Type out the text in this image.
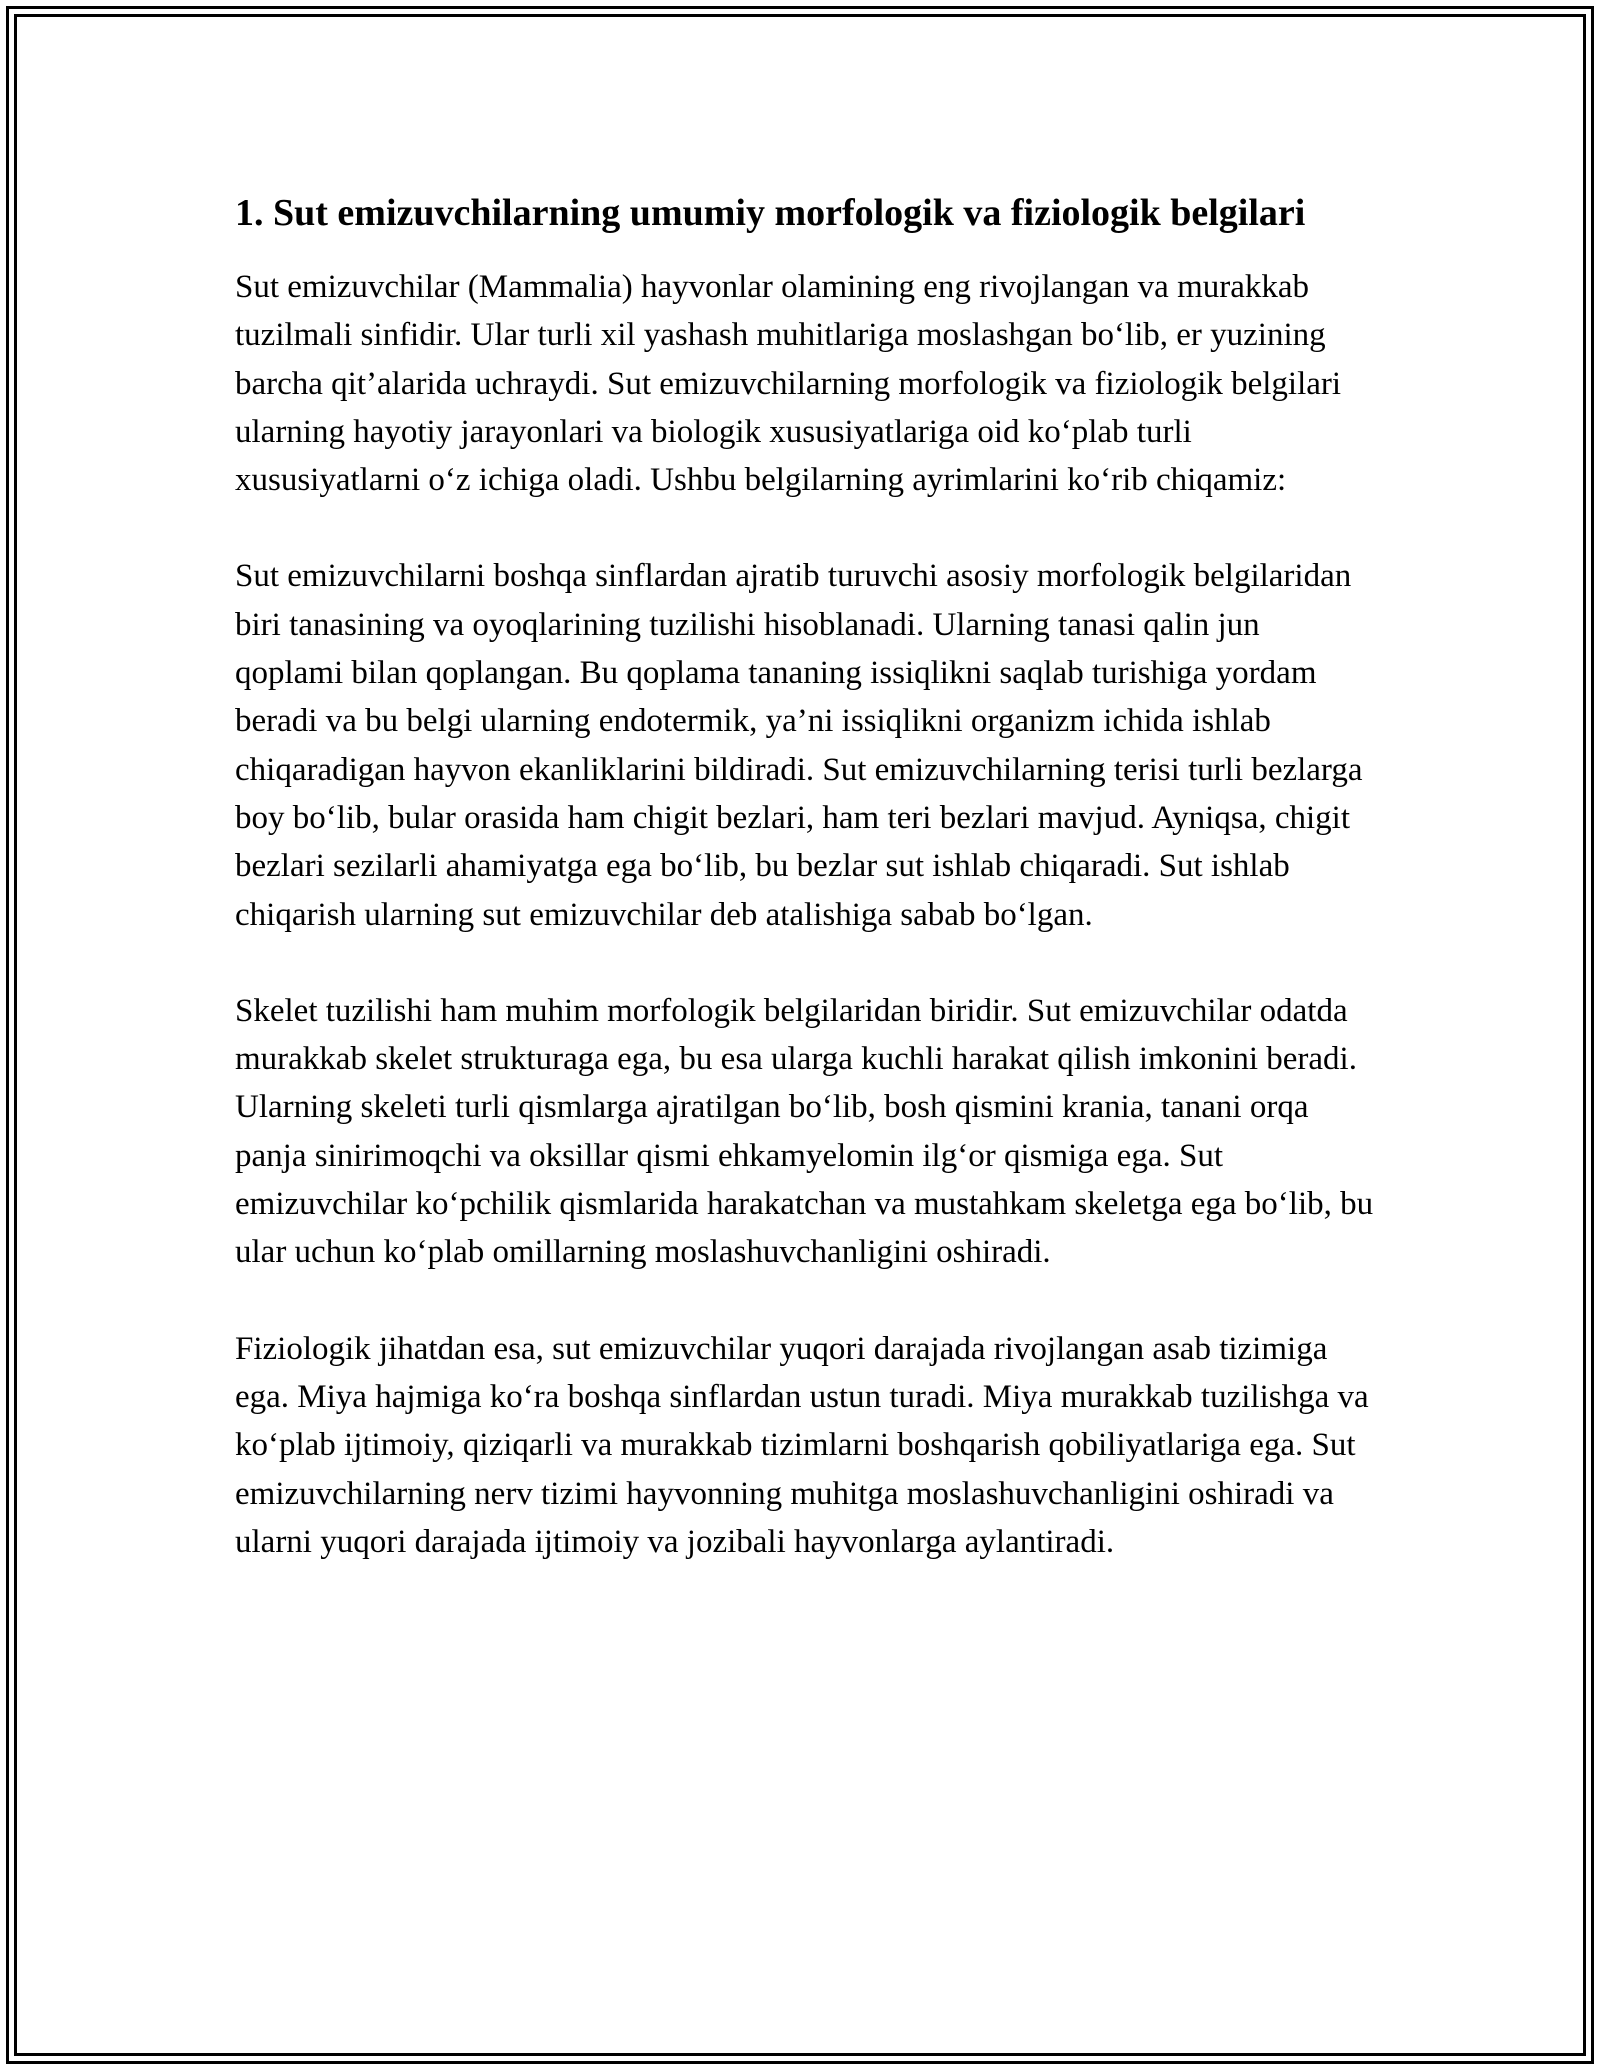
1. Sut emizuvchilarning umumiy morfologik va fiziologik belgilari

Sut emizuvchilar (Mammalia) hayvonlar olamining eng rivojlangan va murakkab tuzilmali sinfidir. Ular turli xil yashash muhitlariga moslashgan bo‘lib, er yuzining barcha qit’alarida uchraydi. Sut emizuvchilarning morfologik va fiziologik belgilari ularning hayotiy jarayonlari va biologik xususiyatlariga oid ko‘plab turli xususiyatlarni o‘z ichiga oladi. Ushbu belgilarning ayrimlarini ko‘rib chiqamiz:

Sut emizuvchilarni boshqa sinflardan ajratib turuvchi asosiy morfologik belgilaridan biri tanasining va oyoqlarining tuzilishi hisoblanadi. Ularning tanasi qalin jun qoplami bilan qoplangan. Bu qoplama tananing issiqlikni saqlab turishiga yordam beradi va bu belgi ularning endotermik, ya’ni issiqlikni organizm ichida ishlab chiqaradigan hayvon ekanliklarini bildiradi. Sut emizuvchilarning terisi turli bezlarga boy bo‘lib, bular orasida ham chigit bezlari, ham teri bezlari mavjud. Ayniqsa, chigit bezlari sezilarli ahamiyatga ega bo‘lib, bu bezlar sut ishlab chiqaradi. Sut ishlab chiqarish ularning sut emizuvchilar deb atalishiga sabab bo‘lgan.

Skelet tuzilishi ham muhim morfologik belgilaridan biridir. Sut emizuvchilar odatda murakkab skelet strukturaga ega, bu esa ularga kuchli harakat qilish imkonini beradi. Ularning skeleti turli qismlarga ajratilgan bo‘lib, bosh qismini krania, tanani orqa panja sinirimoqchi va oksillar qismi ehkamyelomin ilg‘or qismiga ega. Sut emizuvchilar ko‘pchilik qismlarida harakatchan va mustahkam skeletga ega bo‘lib, bu ular uchun ko‘plab omillarning moslashuvchanligini oshiradi.

Fiziologik jihatdan esa, sut emizuvchilar yuqori darajada rivojlangan asab tizimiga ega. Miya hajmiga ko‘ra boshqa sinflardan ustun turadi. Miya murakkab tuzilishga va ko‘plab ijtimoiy, qiziqarli va murakkab tizimlarni boshqarish qobiliyatlariga ega. Sut emizuvchilarning nerv tizimi hayvonning muhitga moslashuvchanligini oshiradi va ularni yuqori darajada ijtimoiy va jozibali hayvonlarga aylantiradi.
